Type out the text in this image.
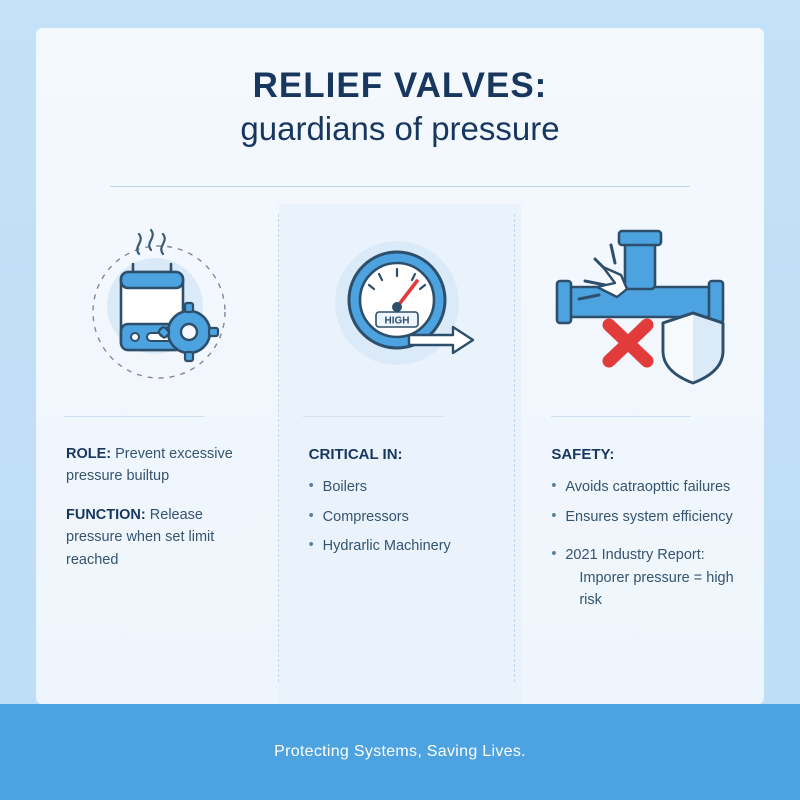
RELIEF VALVES:
guardians of pressure
ROLE: Prevent excessive pressure builtup
FUNCTION: Release pressure when set limit reached
HIGH
CRITICAL IN:
• Boilers
• Compressors
• Hydrarlic Machinery
SAFETY:
• Avoids catraopttic failures
• Ensures system efficiency
• 2021 Industry Report:
Imporer pressure = high risk
Protecting Systems, Saving Lives.
